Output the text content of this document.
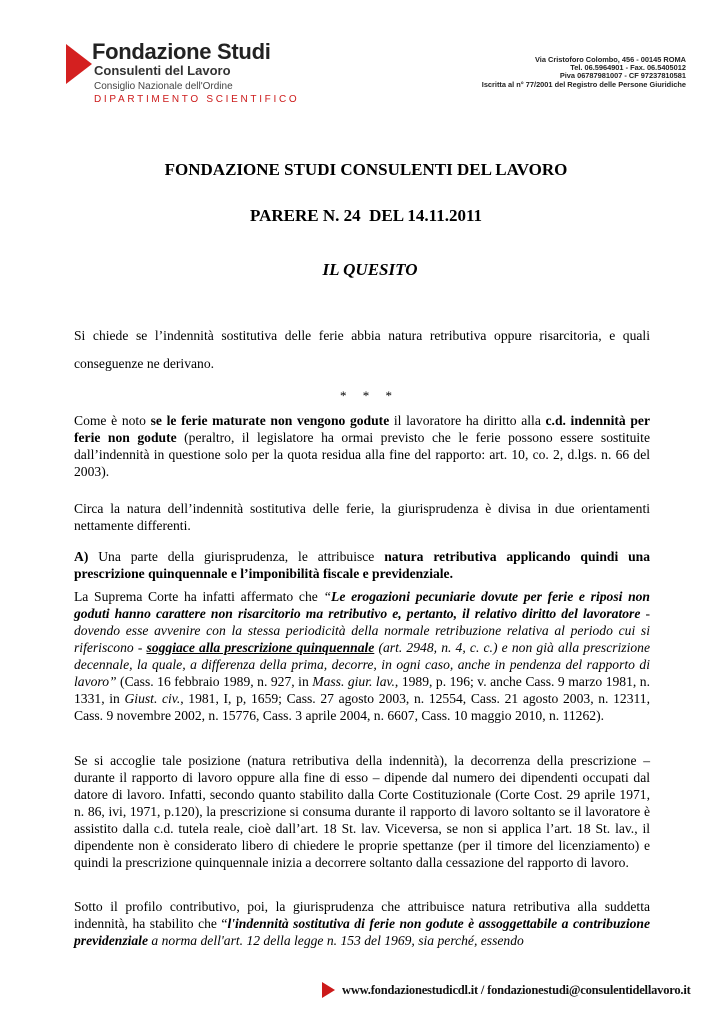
Fondazione Studi
Consulenti del Lavoro
Consiglio Nazionale dell'Ordine
DIPARTIMENTO SCIENTIFICO
Via Cristoforo Colombo, 456 - 00145 ROMA
Tel. 06.5964901 - Fax. 06.5405012
Piva 06787981007 - CF 97237810581
Iscritta al n° 77/2001 del Registro delle Persone Giuridiche
FONDAZIONE STUDI CONSULENTI DEL LAVORO
PARERE N. 24  DEL 14.11.2011
IL QUESITO
Si chiede se l’indennità sostitutiva delle ferie abbia natura retributiva oppure risarcitoria, e quali conseguenze ne derivano.
*     *     *
Come è noto se le ferie maturate non vengono godute il lavoratore ha diritto alla c.d. indennità per ferie non godute (peraltro, il legislatore ha ormai previsto che le ferie possono essere sostituite dall’indennità in questione solo per la quota residua alla fine del rapporto: art. 10, co. 2, d.lgs. n. 66 del 2003).
Circa la natura dell’indennità sostitutiva delle ferie, la giurisprudenza è divisa in due orientamenti nettamente differenti.
A) Una parte della giurisprudenza, le attribuisce natura retributiva applicando quindi una prescrizione quinquennale e l’imponibilità fiscale e previdenziale.
La Suprema Corte ha infatti affermato che “Le erogazioni pecuniarie dovute per ferie e riposi non goduti hanno carattere non risarcitorio ma retributivo e, pertanto, il relativo diritto del lavoratore - dovendo esse avvenire con la stessa periodicità della normale retribuzione relativa al periodo cui si riferiscono - soggiace alla prescrizione quinquennale (art. 2948, n. 4, c. c.) e non già alla prescrizione decennale, la quale, a differenza della prima, decorre, in ogni caso, anche in pendenza del rapporto di lavoro” (Cass. 16 febbraio 1989, n. 927, in Mass. giur. lav., 1989, p. 196; v. anche Cass. 9 marzo 1981, n. 1331, in Giust. civ., 1981, I, p, 1659; Cass. 27 agosto 2003, n. 12554, Cass. 21 agosto 2003, n. 12311, Cass. 9 novembre 2002, n. 15776, Cass. 3 aprile 2004, n. 6607, Cass. 10 maggio 2010, n. 11262).
Se si accoglie tale posizione (natura retributiva della indennità), la decorrenza della prescrizione – durante il rapporto di lavoro oppure alla fine di esso – dipende dal numero dei dipendenti occupati dal datore di lavoro. Infatti, secondo quanto stabilito dalla Corte Costituzionale (Corte Cost. 29 aprile 1971, n. 86, ivi, 1971, p.120), la prescrizione si consuma durante il rapporto di lavoro soltanto se il lavoratore è assistito dalla c.d. tutela reale, cioè dall’art. 18 St. lav. Viceversa, se non si applica l’art. 18 St. lav., il dipendente non è considerato libero di chiedere le proprie spettanze (per il timore del licenziamento) e quindi la prescrizione quinquennale inizia a decorrere soltanto dalla cessazione del rapporto di lavoro.
Sotto il profilo contributivo, poi, la giurisprudenza che attribuisce natura retributiva alla suddetta indennità, ha stabilito che “l'indennità sostitutiva di ferie non godute è assoggettabile a contribuzione previdenziale a norma dell'art. 12 della legge n. 153 del 1969, sia perché, essendo
www.fondazionestudicdl.it / fondazionestudi@consulentidellavoro.it
